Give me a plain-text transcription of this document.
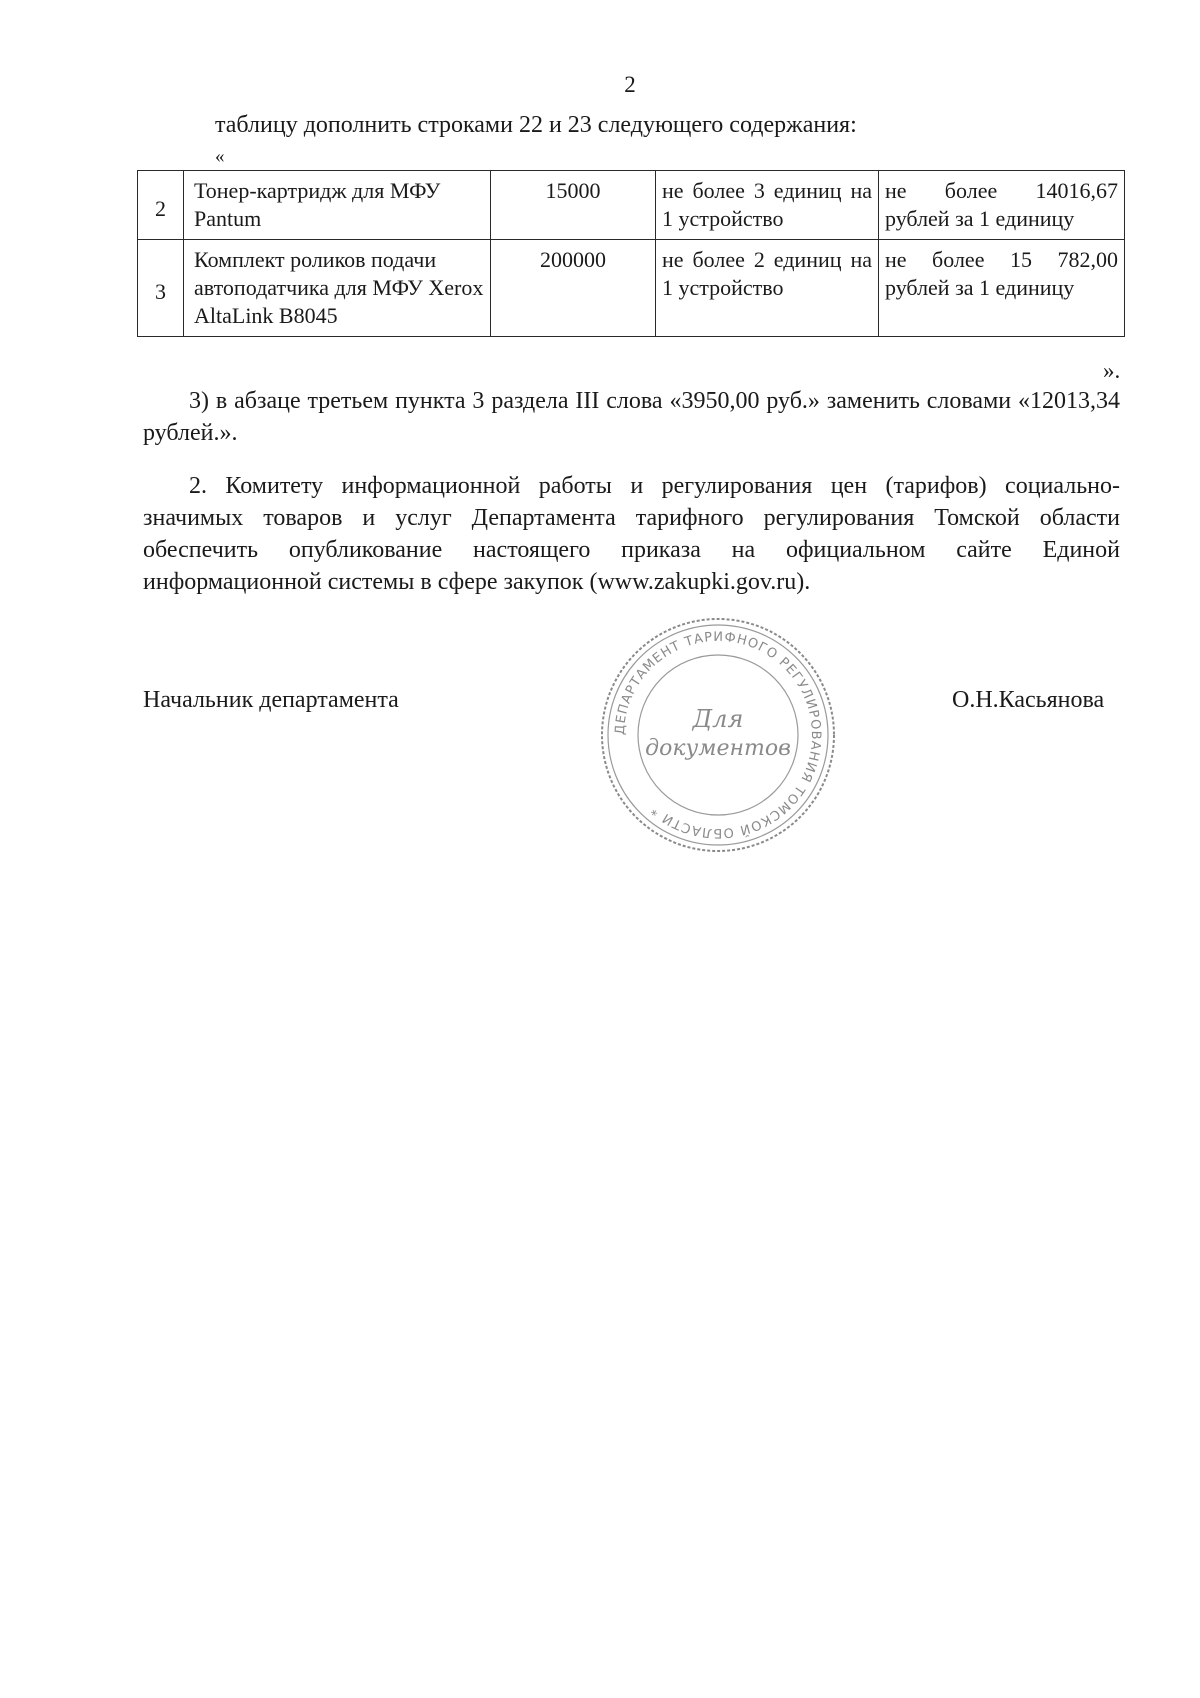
2
таблицу дополнить строками 22 и 23 следующего содержания:
«
2	Тонер-картридж для МФУ Pantum	15000	не более 3 единиц на 1 устройство	не более 14016,67 рублей за 1 единицу
3	Комплект роликов подачи автоподатчика для МФУ Xerox AltaLink B8045	200000	не более 2 единиц на 1 устройство	не более 15 782,00 рублей за 1 единицу
».
3) в абзаце третьем пункта 3 раздела III слова «3950,00 руб.» заменить словами «12013,34 рублей.».
2. Комитету информационной работы и регулирования цен (тарифов) социально-значимых товаров и услуг Департамента тарифного регулирования Томской области обеспечить опубликование настоящего приказа на официальном сайте Единой информационной системы в сфере закупок (www.zakupki.gov.ru).
Начальник департамента	О.Н.Касьянова
ДЕПАРТАМЕНТ ТАРИФНОГО РЕГУЛИРОВАНИЯ ТОМСКОЙ ОБЛАСТИ *
Для
документов
